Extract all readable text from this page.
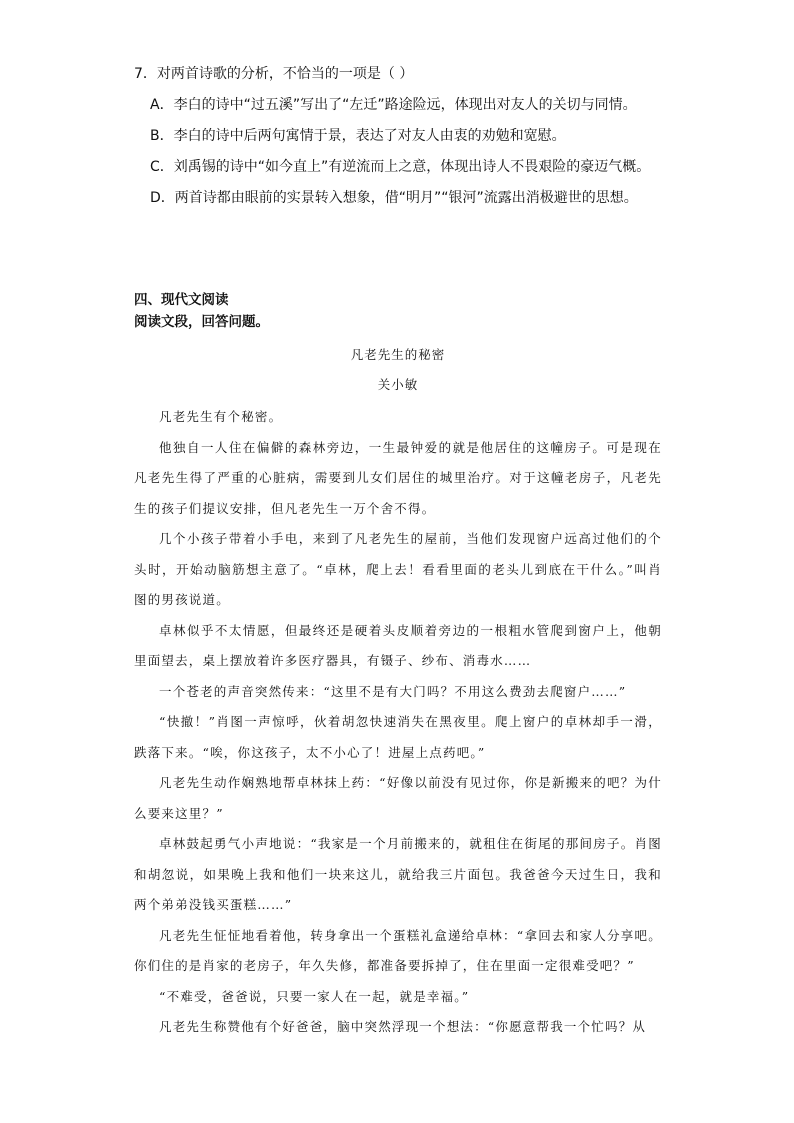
7．对两首诗歌的分析，不恰当的一项是（ ）

A．李白的诗中“过五溪”写出了“左迁”路途险远，体现出对友人的关切与同情。

B．李白的诗中后两句寓情于景，表达了对友人由衷的劝勉和宽慰。

C．刘禹锡的诗中“如今直上”有逆流而上之意，体现出诗人不畏艰险的豪迈气概。

D．两首诗都由眼前的实景转入想象，借“明月”“银河”流露出消极避世的思想。

四、现代文阅读

阅读文段，回答问题。

凡老先生的秘密

关小敏

凡老先生有个秘密。

他独自一人住在偏僻的森林旁边，一生最钟爱的就是他居住的这幢房子。可是现在凡老先生得了严重的心脏病，需要到儿女们居住的城里治疗。对于这幢老房子，凡老先生的孩子们提议安排，但凡老先生一万个舍不得。

几个小孩子带着小手电，来到了凡老先生的屋前，当他们发现窗户远高过他们的个头时，开始动脑筋想主意了。“卓林，爬上去！看看里面的老头儿到底在干什么。”叫肖图的男孩说道。

卓林似乎不太情愿，但最终还是硬着头皮顺着旁边的一根粗水管爬到窗户上，他朝里面望去，桌上摆放着许多医疗器具，有镊子、纱布、消毒水……

一个苍老的声音突然传来：“这里不是有大门吗？不用这么费劲去爬窗户……”

“快撤！”肖图一声惊呼，伙着胡忽快速消失在黑夜里。爬上窗户的卓林却手一滑，跌落下来。“唉，你这孩子，太不小心了！进屋上点药吧。”

凡老先生动作娴熟地帮卓林抹上药：“好像以前没有见过你，你是新搬来的吧？为什么要来这里？”

卓林鼓起勇气小声地说：“我家是一个月前搬来的，就租住在街尾的那间房子。肖图和胡忽说，如果晚上我和他们一块来这儿，就给我三片面包。我爸爸今天过生日，我和两个弟弟没钱买蛋糕……”

凡老先生怔怔地看着他，转身拿出一个蛋糕礼盒递给卓林：“拿回去和家人分享吧。你们住的是肖家的老房子，年久失修，都准备要拆掉了，住在里面一定很难受吧？”

“不难受，爸爸说，只要一家人在一起，就是幸福。”

凡老先生称赞他有个好爸爸，脑中突然浮现一个想法：“你愿意帮我一个忙吗？从
